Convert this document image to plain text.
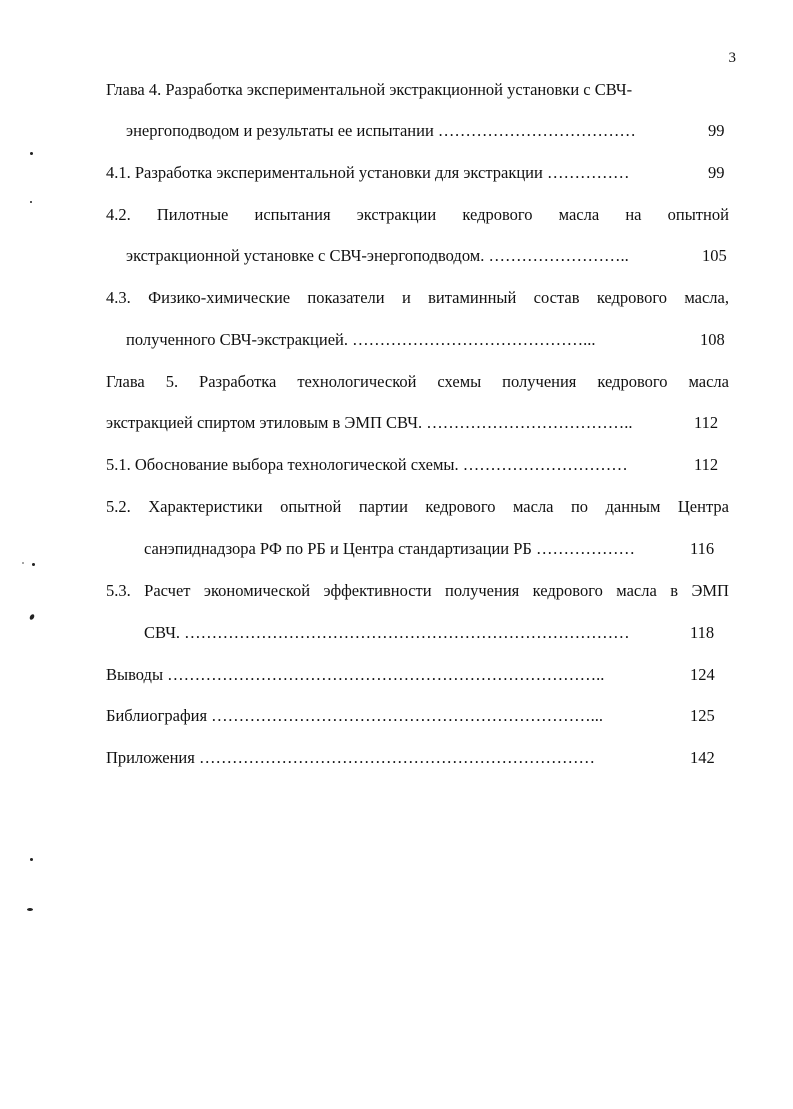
3
Глава 4. Разработка экспериментальной экстракционной установки с СВЧ-
энергоподводом и результаты ее испытании ………………………………	99
4.1. Разработка экспериментальной установки для экстракции ……………	99
4.2. Пилотные испытания экстракции кедрового масла на опытной
экстракционной установке с СВЧ-энергоподводом. ……………………..	105
4.3. Физико-химические показатели и витаминный состав кедрового масла,
полученного СВЧ-экстракцией. ……………………………………...	108
Глава 5. Разработка технологической схемы получения кедрового масла
экстракцией спиртом этиловым в ЭМП СВЧ. ………………………………..	112
5.1. Обоснование выбора технологической схемы. …………………………	112
5.2. Характеристики опытной партии кедрового масла по данным Центра
санэпиднадзора РФ по РБ и Центра стандартизации РБ ………………	116
5.3. Расчет экономической эффективности получения кедрового масла в ЭМП
СВЧ. ………………………………………………………………………	118
Выводы ……………………………………………………………………..	124
Библиография ……………………………………………………………...	125
Приложения ………………………………………………………………	142
